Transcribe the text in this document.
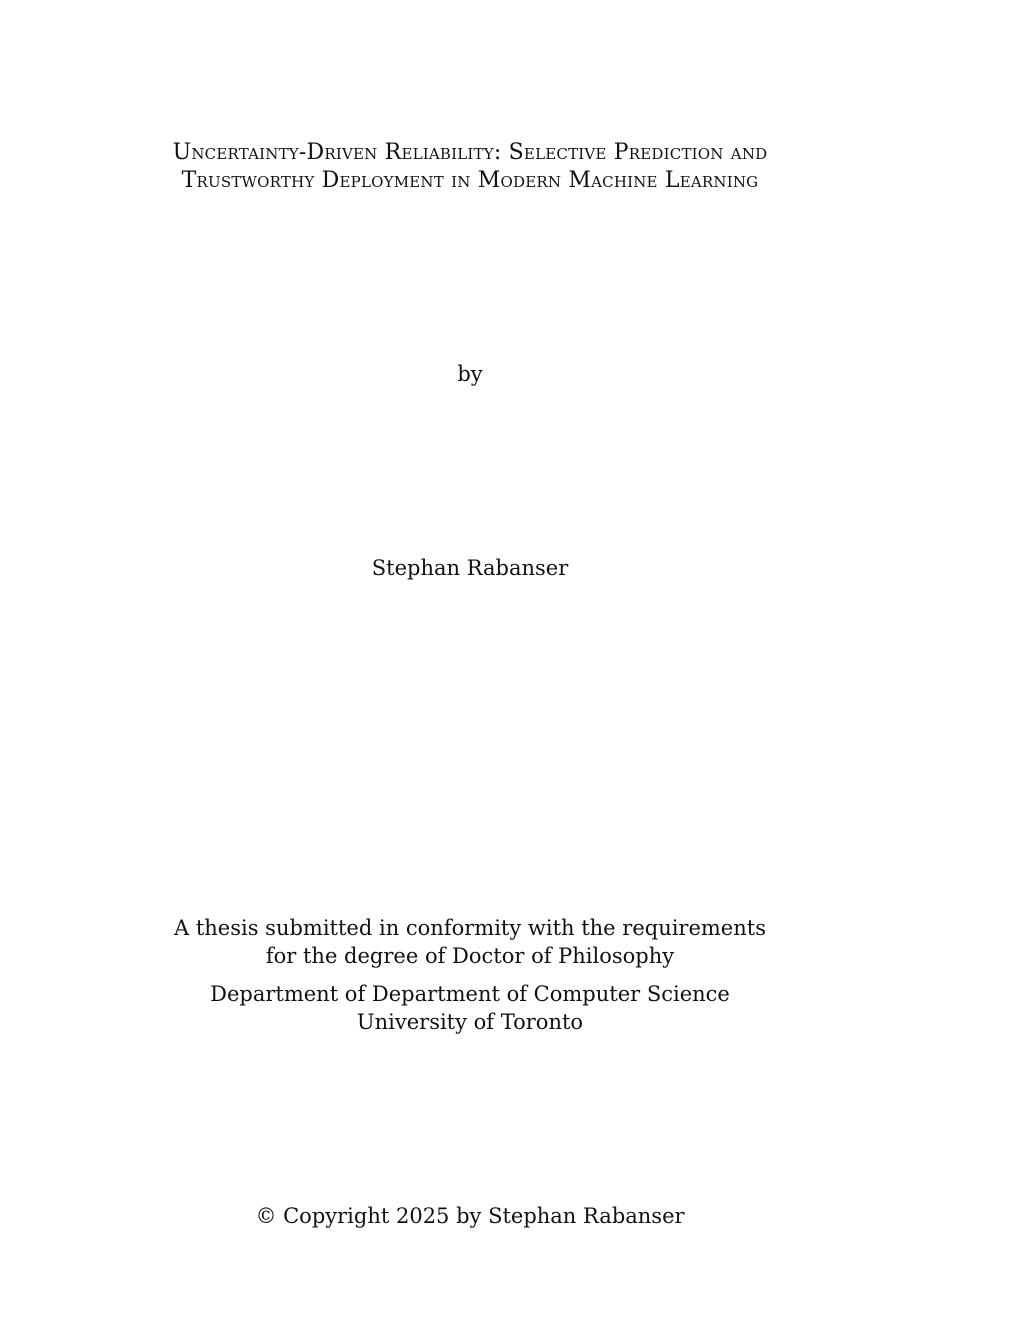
Uncertainty-Driven Reliability: Selective Prediction and
Trustworthy Deployment in Modern Machine Learning
by
Stephan Rabanser
A thesis submitted in conformity with the requirements
for the degree of Doctor of Philosophy
Department of Department of Computer Science
University of Toronto
© Copyright 2025 by Stephan Rabanser
